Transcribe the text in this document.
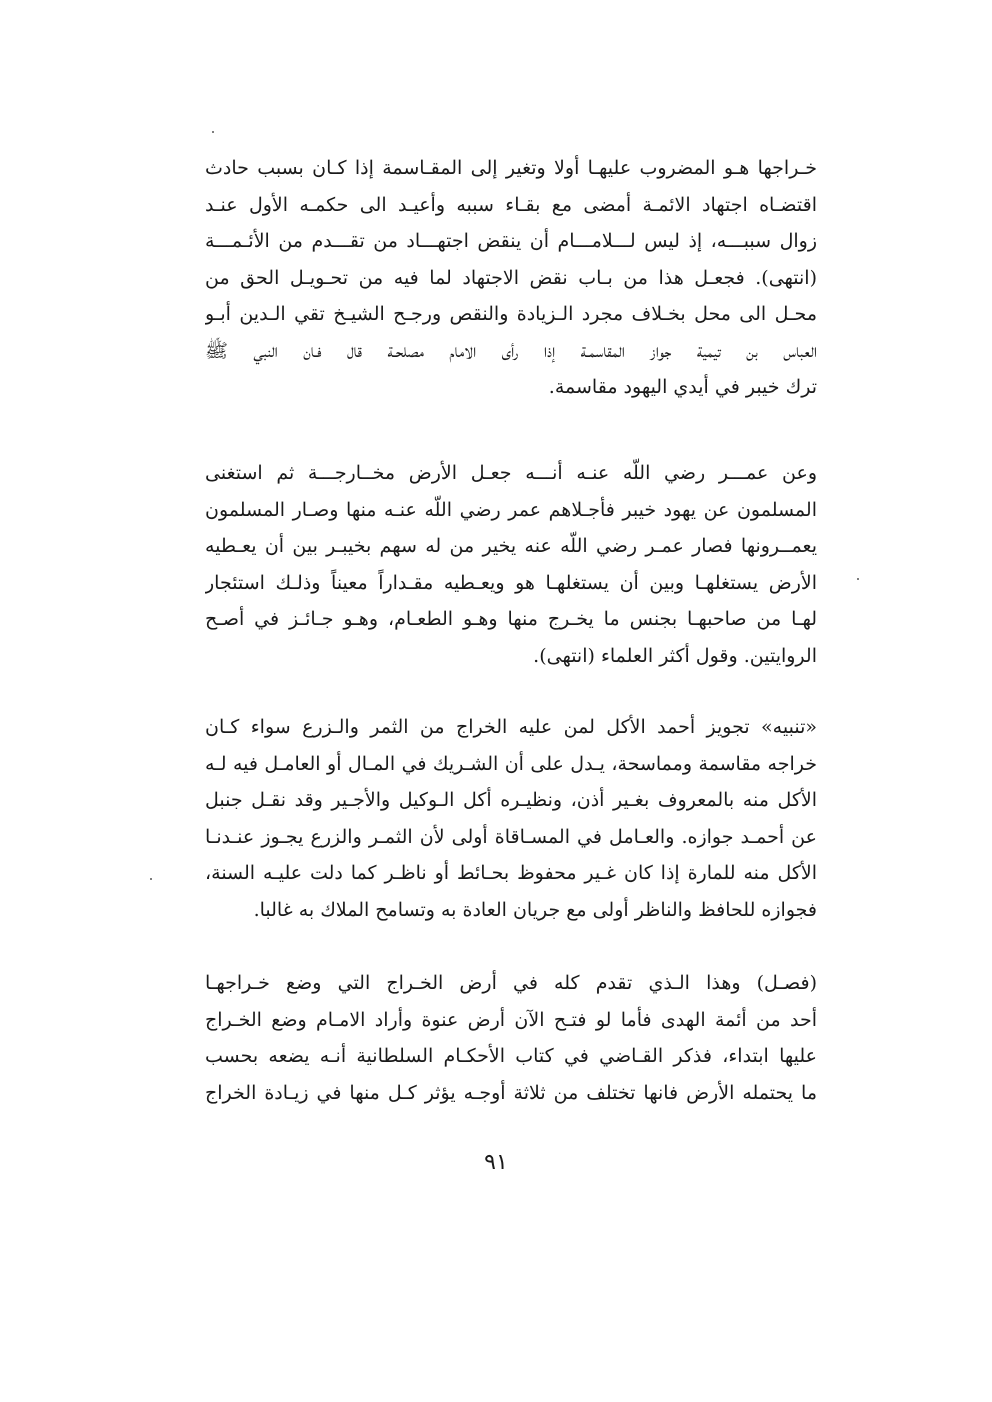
خـراجها هـو المضروب عليهـا أولا وتغير إلى المقـاسمة إذا كـان بسبب حادث
اقتضـاه اجتهاد الائمـة أمضى مع بقـاء سببه وأعيـد الى حكمـه الأول عنـد
زوال سببـــه، إذ ليس لـــلامـــام أن ينقض اجتهـــاد من تقـــدم من الأئـمـــة
(انتهى). فجعـل هذا من بـاب نقض الاجتهاد لما فيه من تحـويـل الحق من
محـل الى محل بخـلاف مجرد الـزيادة والنقص ورجـح الشيـخ تقي الـدين أبـو
العباس بن تيمية جواز المقاسمـة إذا رأى الامام مصلحـة قال فـان النبي ﷺ
ترك خيبر في أيدي اليهود مقاسمة.
وعن عمـــر رضي اللّه عنـه أنـــه جعـل الأرض مخــارجـــة ثم استغنى
المسلمون عن يهود خيبر فأجـلاهم عمر رضي اللّه عنـه منها وصـار المسلمون
يعمــرونها فصار عمـر رضي اللّه عنه يخير من له سهم بخيبـر بين أن يعـطيه
الأرض يستغلهـا وبين أن يستغلهـا هو ويعـطيه مقـداراً معيناً وذلـك استئجار
لهـا من صاحبهـا بجنس ما يخـرج منها وهـو الطعـام، وهـو جـائـز في أصـح
الروايتين. وقول أكثر العلماء (انتهى).
«تنبيه» تجويز أحمد الأكل لمن عليه الخراج من الثمر والـزرع سواء كـان
خراجه مقاسمة ومماسحة، يـدل على أن الشـريك في المـال أو العامـل فيه لـه
الأكل منه بالمعروف بغـير أذن، ونظيـره أكل الـوكيل والأجـير وقد نقـل جنبل
عن أحمـد جوازه. والعـامل في المسـاقاة أولى لأن الثمـر والزرع يجـوز عنـدنـا
الأكل منه للمارة إذا كان غـير محفوظ بحـائط أو ناظـر كما دلت عليـه السنة،
فجوازه للحافظ والناظر أولى مع جريان العادة به وتسامح الملاك به غالبا.
(فصـل) وهذا الـذي تقدم كله في أرض الخـراج التي وضع خـراجهـا
أحد من أئمة الهدى فأما لو فتـح الآن أرض عنوة وأراد الامـام وضع الخـراج
عليها ابتداء، فذكر القـاضي في كتاب الأحكـام السلطانية أنـه يضعه بحسب
ما يحتمله الأرض فانها تختلف من ثلاثة أوجـه يؤثر كـل منها في زيـادة الخراج
٩١
